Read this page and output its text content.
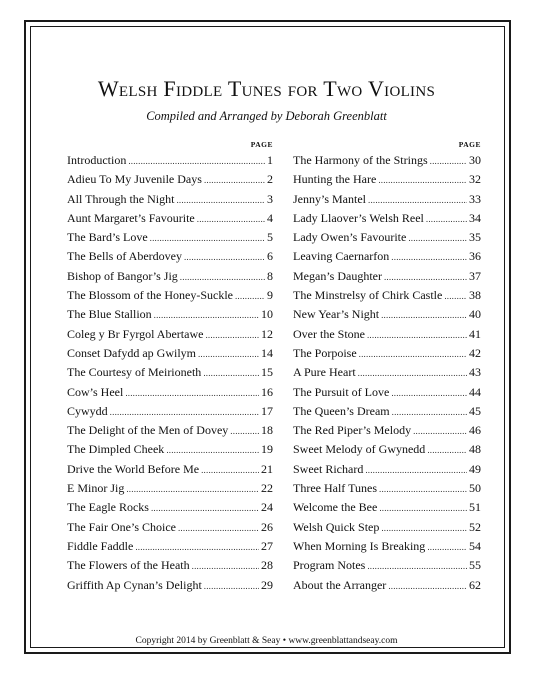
Welsh Fiddle Tunes for Two Violins
Compiled and Arranged by Deborah Greenblatt
PAGE
Introduction .....	1
Adieu To My Juvenile Days .....	2
All Through the Night .....	3
Aunt Margaret’s Favourite .....	4
The Bard’s Love .....	5
The Bells of Aberdovey .....	6
Bishop of Bangor’s Jig .....	8
The Blossom of the Honey-Suckle .....	9
The Blue Stallion .....	10
Coleg y Br Fyrgol Abertawe .....	12
Conset Dafydd ap Gwilym .....	14
The Courtesy of Meirioneth .....	15
Cow’s Heel .....	16
Cywydd .....	17
The Delight of the Men of Dovey .....	18
The Dimpled Cheek .....	19
Drive the World Before Me .....	21
E Minor Jig .....	22
The Eagle Rocks .....	24
The Fair One’s Choice .....	26
Fiddle Faddle .....	27
The Flowers of the Heath .....	28
Griffith Ap Cynan’s Delight .....	29
PAGE
The Harmony of the Strings .....	30
Hunting the Hare .....	32
Jenny’s Mantel .....	33
Lady Llaover’s Welsh Reel .....	34
Lady Owen’s Favourite .....	35
Leaving Caernarfon .....	36
Megan’s Daughter .....	37
The Minstrelsy of Chirk Castle ..... 38
New Year’s Night .....	40
Over the Stone .....	41
The Porpoise .....	42
A Pure Heart .....	43
The Pursuit of Love .....	44
The Queen’s Dream .....	45
The Red Piper’s Melody .....	46
Sweet Melody of Gwynedd .....	48
Sweet Richard .....	49
Three Half Tunes .....	50
Welcome the Bee .....	51
Welsh Quick Step .....	52
When Morning Is Breaking .....	54
Program Notes .....	55
About the Arranger .....	62
Copyright 2014 by Greenblatt & Seay • www.greenblattandseay.com
